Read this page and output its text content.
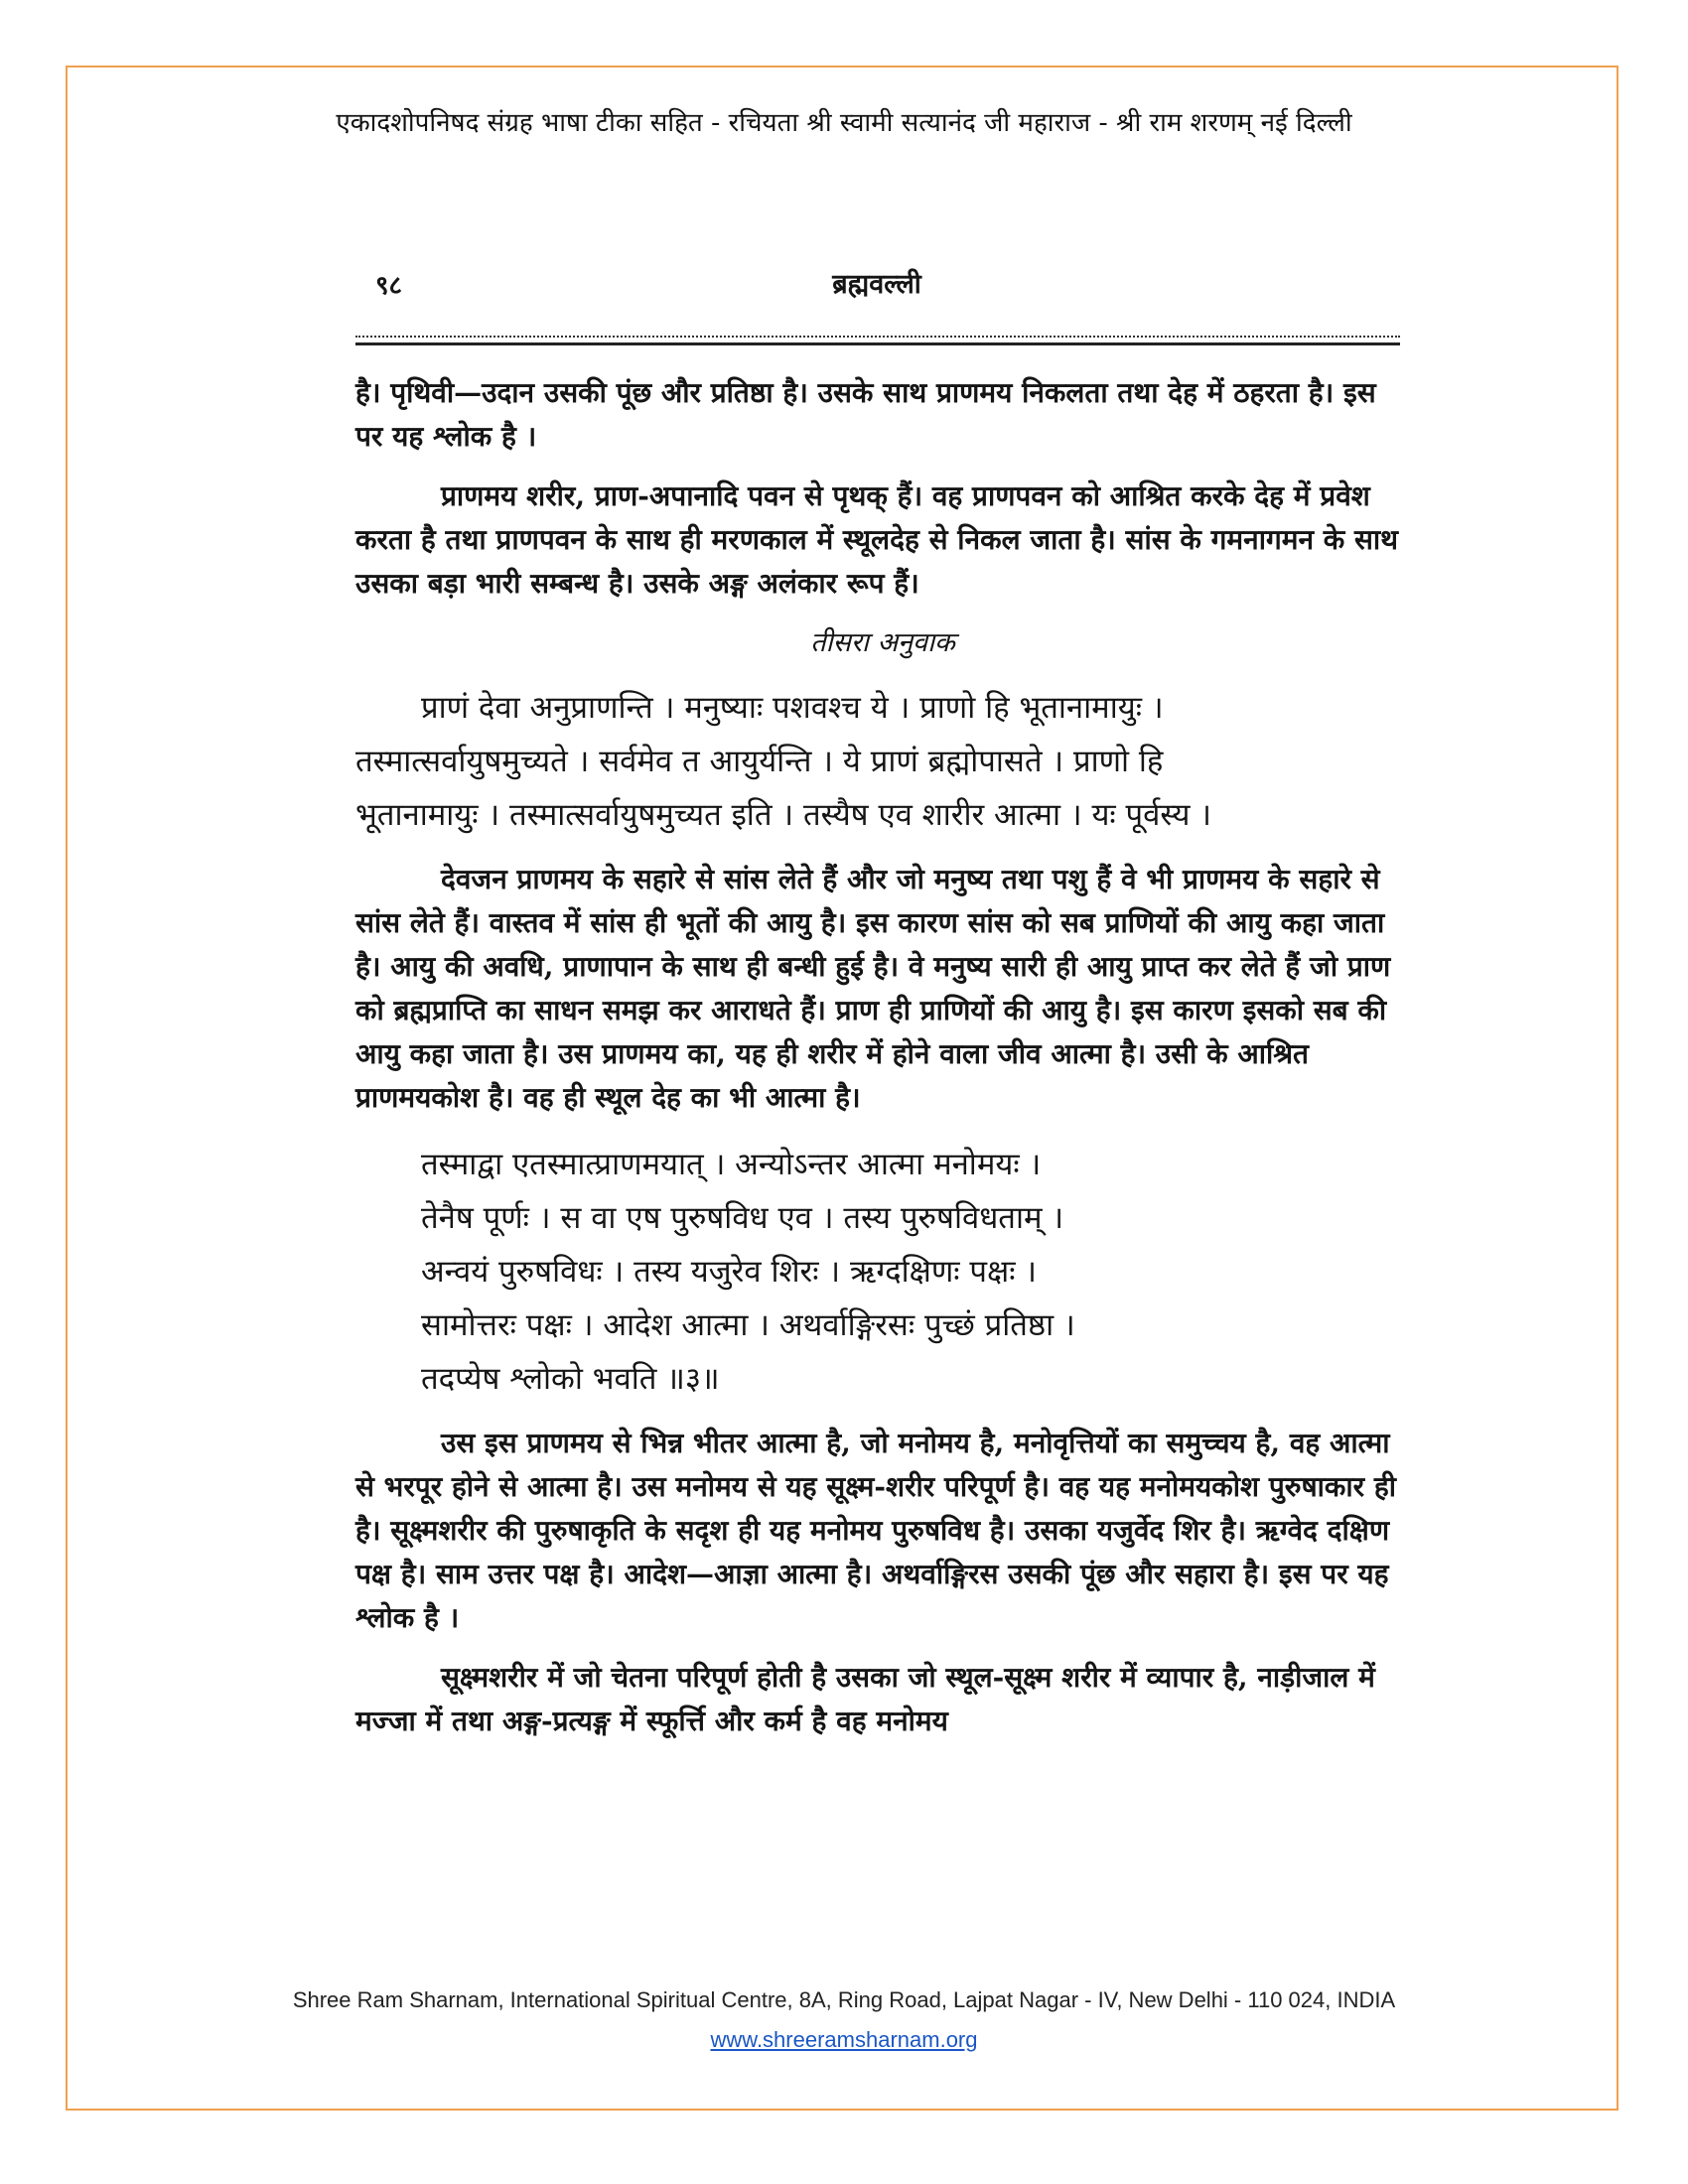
एकादशोपनिषद संग्रह भाषा टीका सहित - रचियता श्री स्वामी सत्यानंद जी महाराज - श्री राम शरणम् नई दिल्ली
९८	ब्रह्मवल्ली

है। पृथिवी—उदान उसकी पूंछ और प्रतिष्ठा है। उसके साथ प्राणमय निकलता तथा देह में ठहरता है। इस पर यह श्लोक है ।

प्राणमय शरीर, प्राण-अपानादि पवन से पृथक् हैं। वह प्राणपवन को आश्रित करके देह में प्रवेश करता है तथा प्राणपवन के साथ ही मरणकाल में स्थूलदेह से निकल जाता है। सांस के गमनागमन के साथ उसका बड़ा भारी सम्बन्ध है। उसके अङ्ग अलंकार रूप हैं।

तीसरा अनुवाक

प्राणं देवा अनुप्राणन्ति । मनुष्याः पशवश्च ये । प्राणो हि भूतानामायुः ।

तस्मात्सर्वायुषमुच्यते । सर्वमेव त आयुर्यन्ति । ये प्राणं ब्रह्मोपासते । प्राणो हि

भूतानामायुः । तस्मात्सर्वायुषमुच्यत इति । तस्यैष एव शारीर आत्मा । यः पूर्वस्य ।

देवजन प्राणमय के सहारे से सांस लेते हैं और जो मनुष्य तथा पशु हैं वे भी प्राणमय के सहारे से सांस लेते हैं। वास्तव में सांस ही भूतों की आयु है। इस कारण सांस को सब प्राणियों की आयु कहा जाता है। आयु की अवधि, प्राणापान के साथ ही बन्धी हुई है। वे मनुष्य सारी ही आयु प्राप्त कर लेते हैं जो प्राण को ब्रह्मप्राप्ति का साधन समझ कर आराधते हैं। प्राण ही प्राणियों की आयु है। इस कारण इसको सब की आयु कहा जाता है। उस प्राणमय का, यह ही शरीर में होने वाला जीव आत्मा है। उसी के आश्रित प्राणमयकोश है। वह ही स्थूल देह का भी आत्मा है।

तस्माद्वा एतस्मात्प्राणमयात् । अन्योऽन्तर आत्मा मनोमयः ।

तेनैष पूर्णः । स वा एष पुरुषविध एव । तस्य पुरुषविधताम् ।

अन्वयं पुरुषविधः । तस्य यजुरेव शिरः । ऋग्दक्षिणः पक्षः ।

सामोत्तरः पक्षः । आदेश आत्मा । अथर्वाङ्गिरसः पुच्छं प्रतिष्ठा ।

तदप्येष श्लोको भवति ॥३॥

उस इस प्राणमय से भिन्न भीतर आत्मा है, जो मनोमय है, मनोवृत्तियों का समुच्चय है, वह आत्मा से भरपूर होने से आत्मा है। उस मनोमय से यह सूक्ष्म-शरीर परिपूर्ण है। वह यह मनोमयकोश पुरुषाकार ही है। सूक्ष्मशरीर की पुरुषाकृति के सदृश ही यह मनोमय पुरुषविध है। उसका यजुर्वेद शिर है। ऋग्वेद दक्षिण पक्ष है। साम उत्तर पक्ष है। आदेश—आज्ञा आत्मा है। अथर्वाङ्गिरस उसकी पूंछ और सहारा है। इस पर यह श्लोक है ।

सूक्ष्मशरीर में जो चेतना परिपूर्ण होती है उसका जो स्थूल-सूक्ष्म शरीर में व्यापार है, नाड़ीजाल में मज्जा में तथा अङ्ग-प्रत्यङ्ग में स्फूर्त्ति और कर्म है वह मनोमय

Shree Ram Sharnam, International Spiritual Centre, 8A, Ring Road, Lajpat Nagar - IV, New Delhi - 110 024, INDIA
www.shreeramsharnam.org
